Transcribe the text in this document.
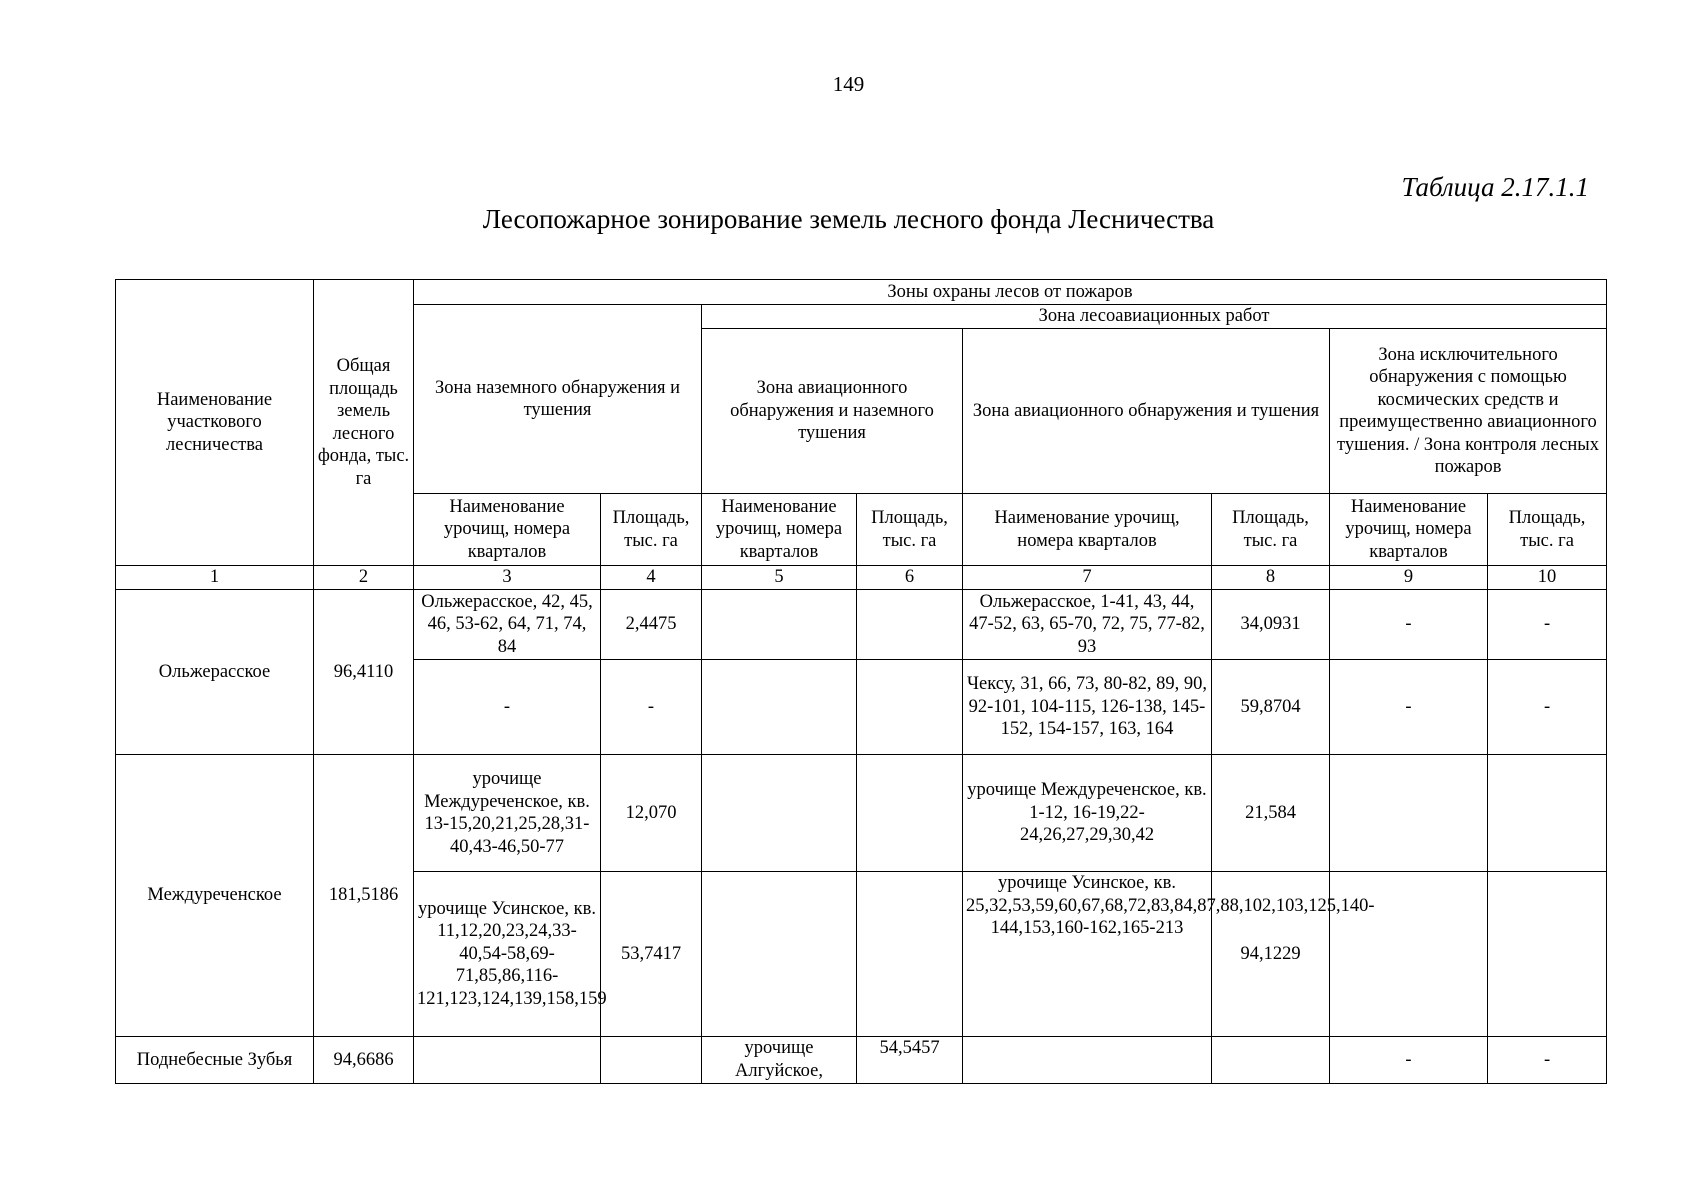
149
Таблица 2.17.1.1
Лесопожарное зонирование земель лесного фонда Лесничества
Наименование участкового лесничества	Общая площадь земель лесного фонда, тыс. га	Зоны охраны лесов от пожаров							
		Зона наземного обнаружения и тушения		Зона лесоавиационных работ					
				Зона авиационного обнаружения и наземного тушения		Зона авиационного обнаружения и тушения		Зона исключительного обнаружения с помощью космических средств и преимущественно авиационного тушения. / Зона контроля лесных пожаров	
		Наименование урочищ, номера кварталов	Площадь, тыс. га	Наименование урочищ, номера кварталов	Площадь, тыс. га	Наименование урочищ, номера кварталов	Площадь, тыс. га	Наименование урочищ, номера кварталов	Площадь, тыс. га
1	2	3	4	5	6	7	8	9	10
Ольжерасское	96,4110	Ольжерасское, 42, 45, 46, 53-62, 64, 71, 74, 84	2,4475			Ольжерасское, 1-41, 43, 44, 47-52, 63, 65-70, 72, 75, 77-82, 93	34,0931	-	-
		-	-			Чексу, 31, 66, 73, 80-82, 89, 90, 92-101, 104-115, 126-138, 145-152, 154-157, 163, 164	59,8704	-	-
Междуреченское	181,5186	урочище Междуреченское, кв. 13-15,20,21,25,28,31-40,43-46,50-77	12,070			урочище Междуреченское, кв. 1-12, 16-19,22-24,26,27,29,30,42	21,584		
		урочище Усинское, кв. 11,12,20,23,24,33-40,54-58,69-71,85,86,116-121,123,124,139,158,159	53,7417			урочище Усинское, кв. 25,32,53,59,60,67,68,72,83,84,87,88,102,103,125,140-144,153,160-162,165-213	94,1229		
Поднебесные Зубья	94,6686			урочище Алгуйское,	54,5457			-	-
